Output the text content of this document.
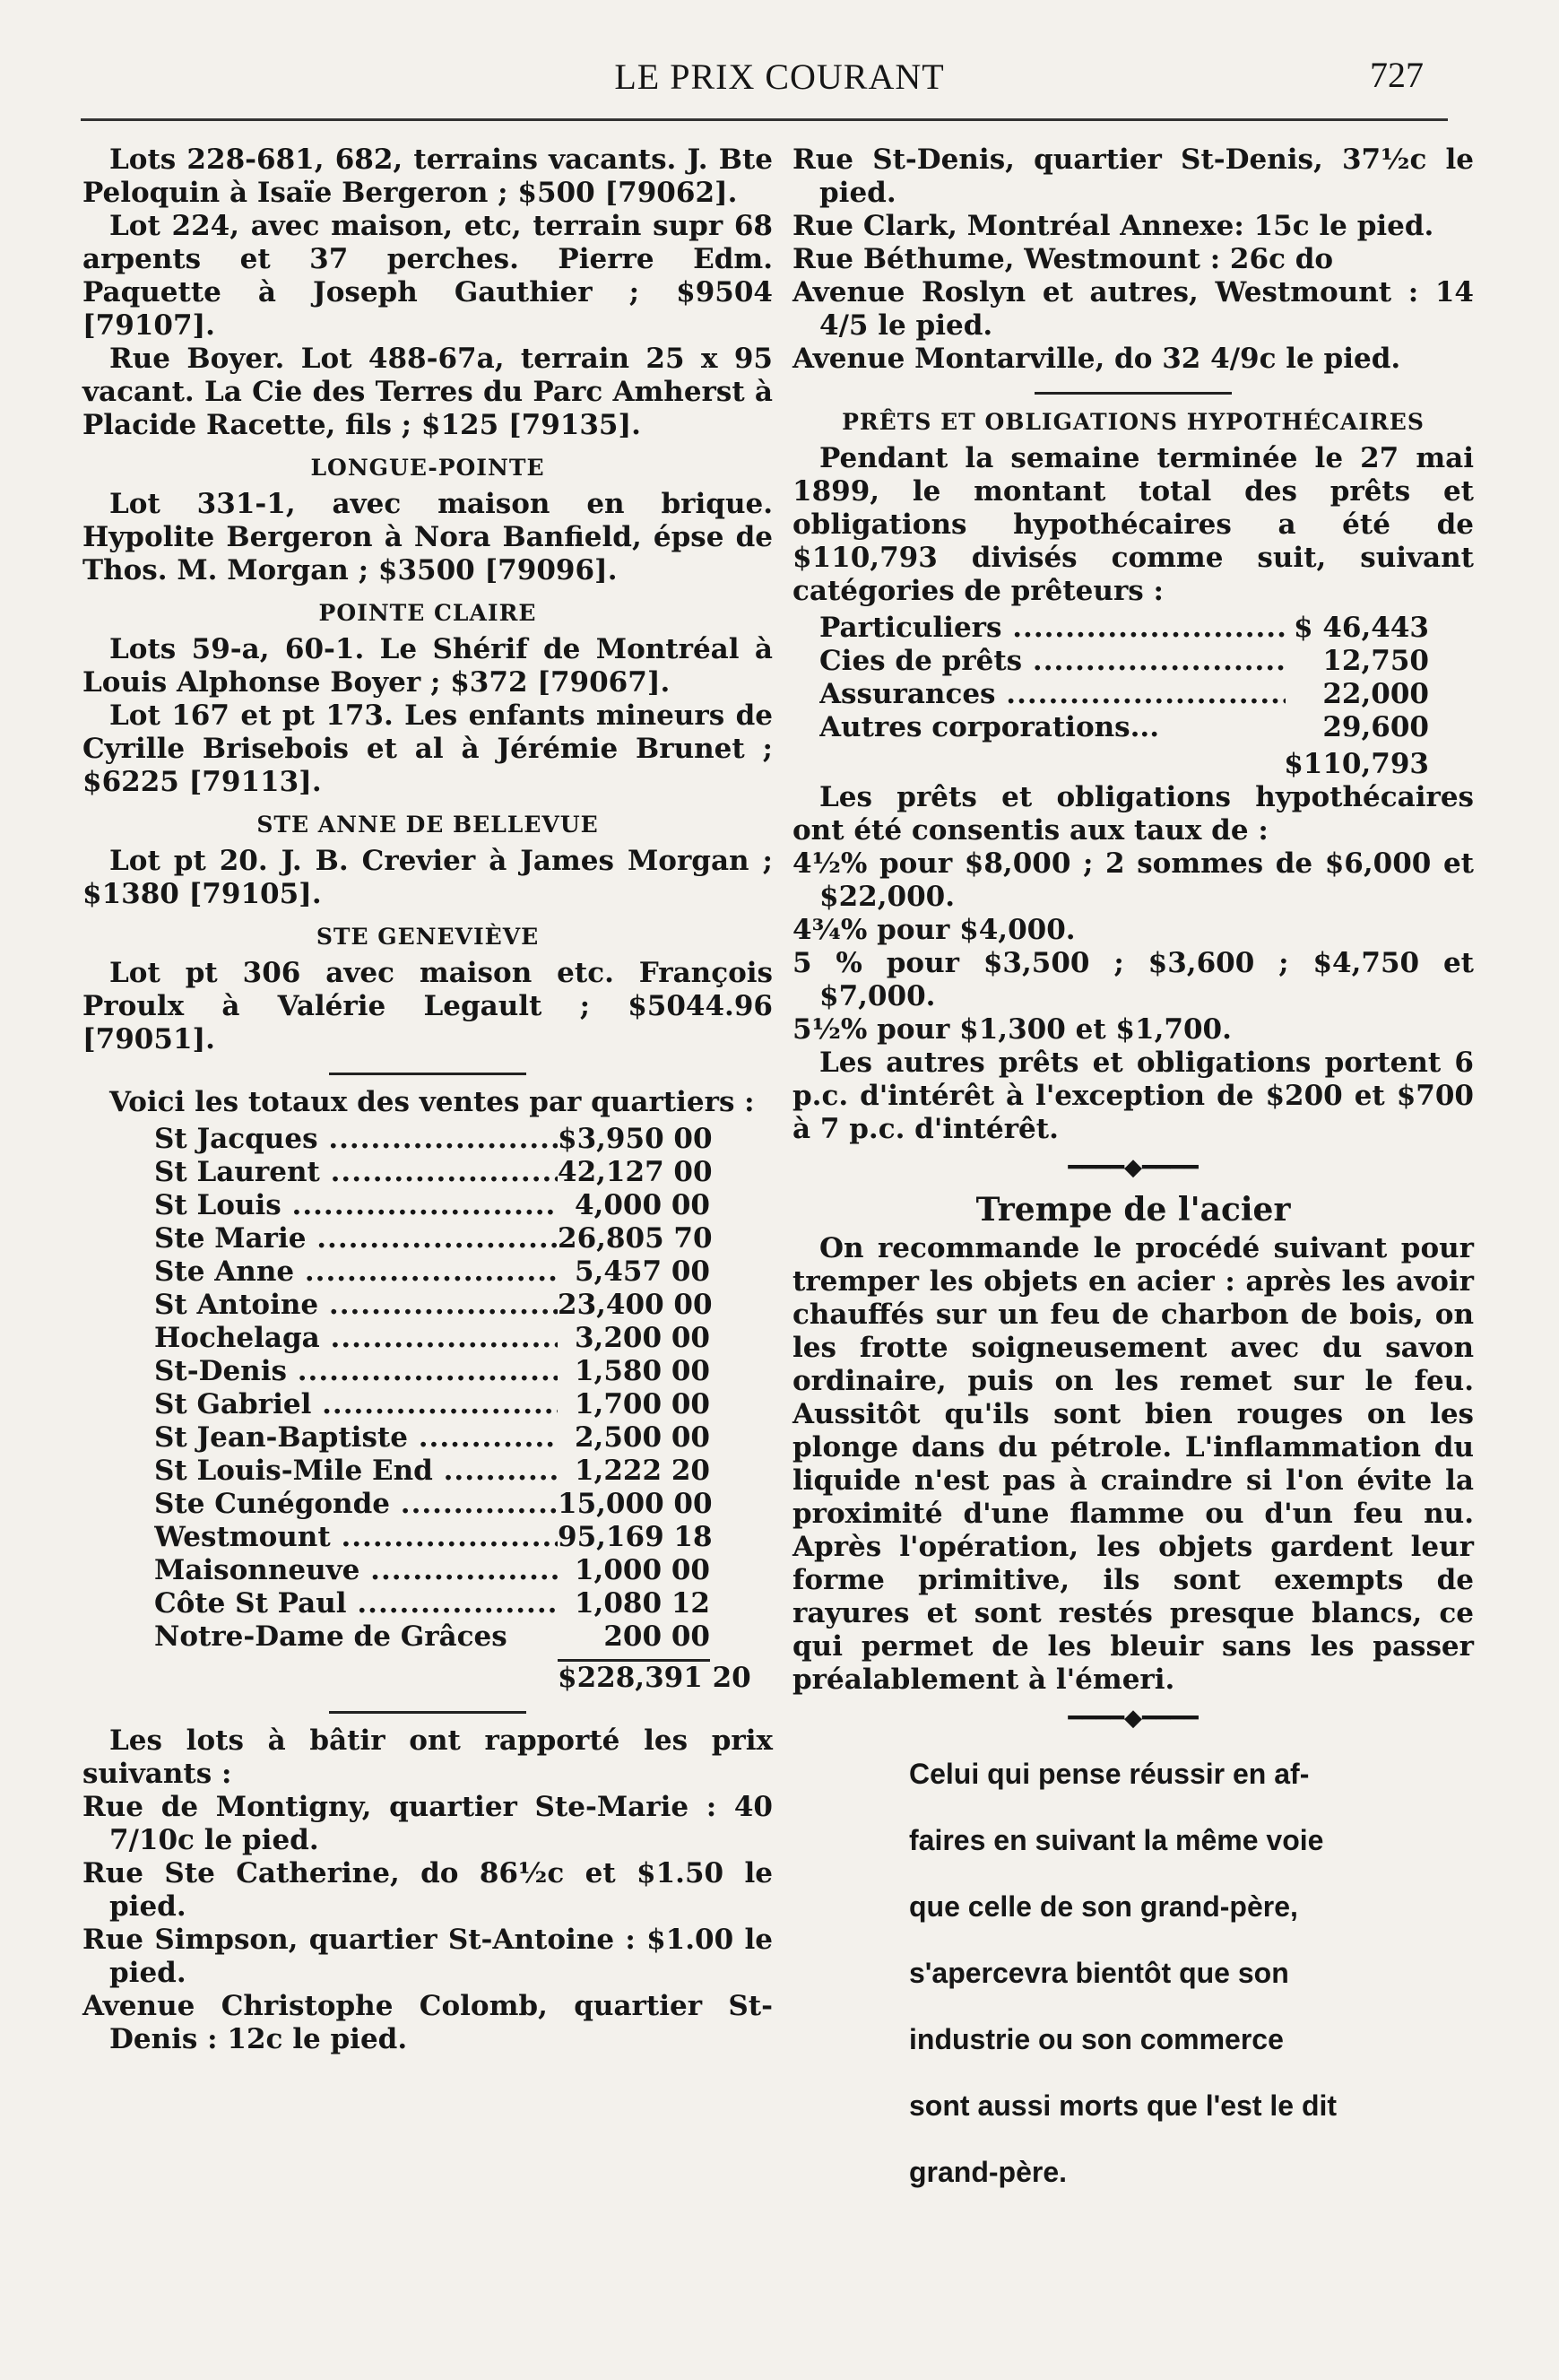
LE PRIX COURANT	727

Lots 228-681, 682, terrains vacants. J. Bte Peloquin à Isaïe Bergeron ; $500 [79062].

Lot 224, avec maison, etc, terrain supr 68 arpents et 37 perches. Pierre Edm. Paquette à Joseph Gauthier ; $9504 [79107].

Rue Boyer. Lot 488-67a, terrain 25 x 95 vacant. La Cie des Terres du Parc Amherst à Placide Racette, fils ; $125 [79135].

LONGUE-POINTE

Lot 331-1, avec maison en brique. Hypolite Bergeron à Nora Banfield, épse de Thos. M. Morgan ; $3500 [79096].

POINTE CLAIRE

Lots 59-a, 60-1. Le Shérif de Montréal à Louis Alphonse Boyer ; $372 [79067].

Lot 167 et pt 173. Les enfants mineurs de Cyrille Brisebois et al à Jérémie Brunet ; $6225 [79113].

STE ANNE DE BELLEVUE

Lot pt 20. J. B. Crevier à James Morgan ; $1380 [79105].

STE GENEVIÈVE

Lot pt 306 avec maison etc. François Proulx à Valérie Legault ; $5044.96 [79051].

Voici les totaux des ventes par quartiers :

St Jacques .....	$3,950 00
St Laurent .....	42,127 00
St Louis .....	4,000 00
Ste Marie .....	26,805 70
Ste Anne .....	5,457 00
St Antoine .....	23,400 00
Hochelaga .....	3,200 00
St-Denis .....	1,580 00
St Gabriel .....	1,700 00
St Jean-Baptiste .....	2,500 00
St Louis-Mile End .....	1,222 20
Ste Cunégonde .....	15,000 00
Westmount .....	95,169 18
Maisonneuve .....	1,000 00
Côte St Paul .....	1,080 12
Notre-Dame de Grâces	200 00
$228,391 20

Les lots à bâtir ont rapporté les prix suivants :

Rue de Montigny, quartier Ste-Marie : 40 7/10c le pied.

Rue Ste Catherine, do 86½c et $1.50 le pied.

Rue Simpson, quartier St-Antoine : $1.00 le pied.

Avenue Christophe Colomb, quartier St-Denis : 12c le pied.

Rue St-Denis, quartier St-Denis, 37½c le pied.

Rue Clark, Montréal Annexe: 15c le pied.

Rue Béthume, Westmount : 26c do

Avenue Roslyn et autres, Westmount : 14 4/5 le pied.

Avenue Montarville, do 32 4/9c le pied.

PRÊTS ET OBLIGATIONS HYPOTHÉCAIRES

Pendant la semaine terminée le 27 mai 1899, le montant total des prêts et obligations hypothécaires a été de $110,793 divisés comme suit, suivant catégories de prêteurs :

Particuliers .....	$ 46,443
Cies de prêts .....	12,750
Assurances .....	22,000
Autres corporations...	29,600
$110,793

Les prêts et obligations hypothécaires ont été consentis aux taux de :

4½% pour $8,000 ; 2 sommes de $6,000 et $22,000.

4¾% pour $4,000.

5 % pour $3,500 ; $3,600 ; $4,750 et $7,000.

5½% pour $1,300 et $1,700.

Les autres prêts et obligations portent 6 p.c. d'intérêt à l'exception de $200 et $700 à 7 p.c. d'intérêt.

━━━━◆━━━━
Trempe de l'acier

On recommande le procédé suivant pour tremper les objets en acier : après les avoir chauffés sur un feu de charbon de bois, on les frotte soigneusement avec du savon ordinaire, puis on les remet sur le feu. Aussitôt qu'ils sont bien rouges on les plonge dans du pétrole. L'inflammation du liquide n'est pas à craindre si l'on évite la proximité d'une flamme ou d'un feu nu. Après l'opération, les objets gardent leur forme primitive, ils sont exempts de rayures et sont restés presque blancs, ce qui permet de les bleuir sans les passer préalablement à l'émeri.

━━━━◆━━━━
Celui qui pense réussir en af-
faires en suivant la même voie
que celle de son grand-père,
s'apercevra bientôt que son
industrie ou son commerce
sont aussi morts que l'est le dit
grand-père.
